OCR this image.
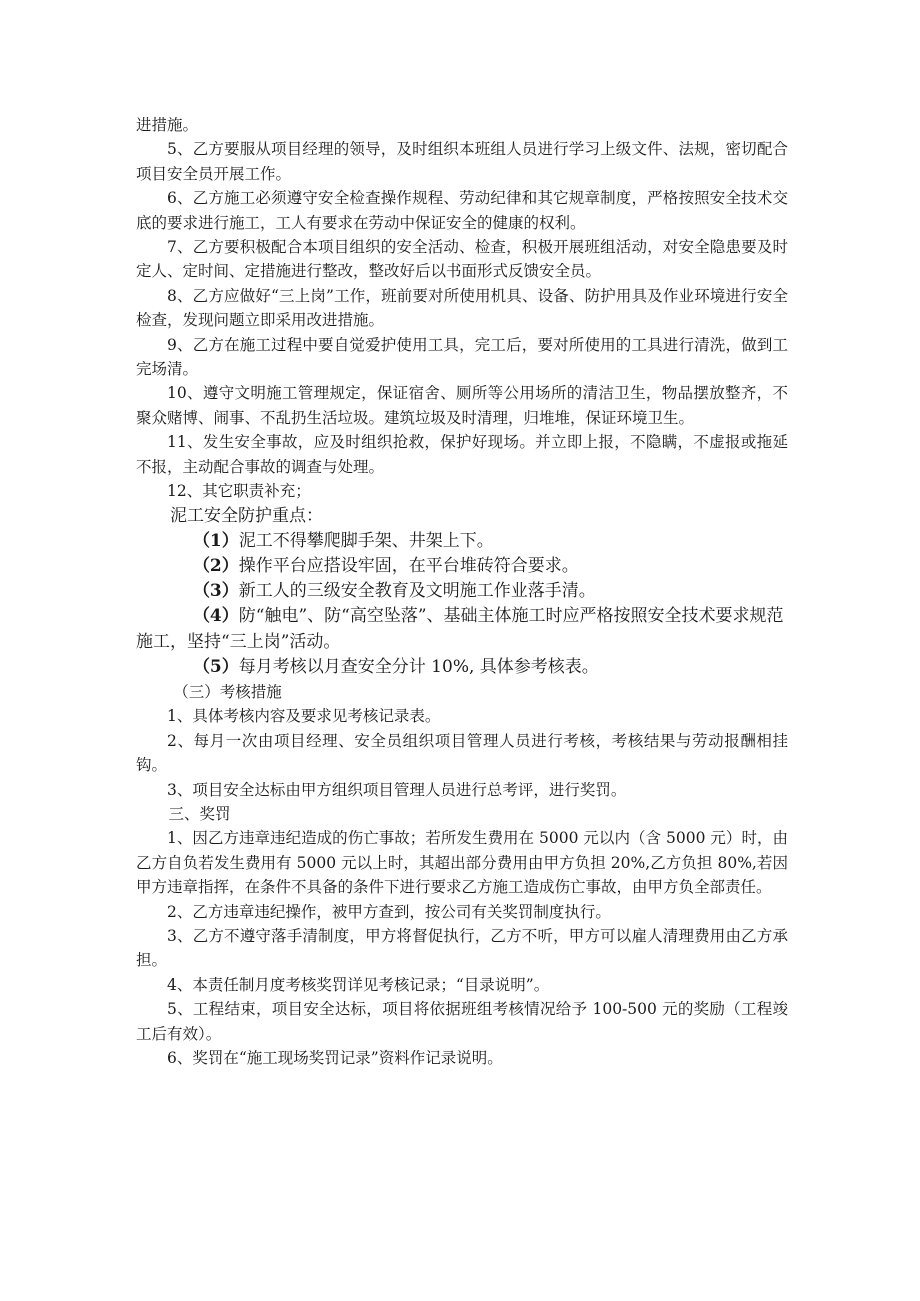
进措施。

5、乙方要服从项目经理的领导，及时组织本班组人员进行学习上级文件、法规，密切配合项目安全员开展工作。

6、乙方施工必须遵守安全检查操作规程、劳动纪律和其它规章制度，严格按照安全技术交底的要求进行施工，工人有要求在劳动中保证安全的健康的权利。

7、乙方要积极配合本项目组织的安全活动、检查，积极开展班组活动，对安全隐患要及时定人、定时间、定措施进行整改，整改好后以书面形式反馈安全员。

8、乙方应做好“三上岗”工作，班前要对所使用机具、设备、防护用具及作业环境进行安全检查，发现问题立即采用改进措施。

9、乙方在施工过程中要自觉爱护使用工具，完工后，要对所使用的工具进行清洗，做到工完场清。

10、遵守文明施工管理规定，保证宿舍、厕所等公用场所的清洁卫生，物品摆放整齐，不聚众赌博、闹事、不乱扔生活垃圾。建筑垃圾及时清理，归堆堆，保证环境卫生。

11、发生安全事故，应及时组织抢救，保护好现场。并立即上报，不隐瞒，不虚报或拖延不报，主动配合事故的调查与处理。

12、其它职责补充；

泥工安全防护重点：

（1）泥工不得攀爬脚手架、井架上下。

（2）操作平台应搭设牢固，在平台堆砖符合要求。

（3）新工人的三级安全教育及文明施工作业落手清。

（4）防“触电”、防“高空坠落”、基础主体施工时应严格按照安全技术要求规范施工，坚持“三上岗”活动。

（5）每月考核以月查安全分计 10%, 具体参考核表。

（三）考核措施

1、具体考核内容及要求见考核记录表。

2、每月一次由项目经理、安全员组织项目管理人员进行考核，考核结果与劳动报酬相挂钩。

3、项目安全达标由甲方组织项目管理人员进行总考评，进行奖罚。

三、奖罚

1、因乙方违章违纪造成的伤亡事故；若所发生费用在 5000 元以内（含 5000 元）时，由乙方自负若发生费用有 5000 元以上时，其超出部分费用由甲方负担 20%,乙方负担 80%,若因甲方违章指挥，在条件不具备的条件下进行要求乙方施工造成伤亡事故，由甲方负全部责任。

2、乙方违章违纪操作，被甲方查到，按公司有关奖罚制度执行。

3、乙方不遵守落手清制度，甲方将督促执行，乙方不听，甲方可以雇人清理费用由乙方承担。

4、本责任制月度考核奖罚详见考核记录；“目录说明”。

5、工程结束，项目安全达标，项目将依据班组考核情况给予 100-500 元的奖励（工程竣工后有效）。

6、奖罚在“施工现场奖罚记录”资料作记录说明。
